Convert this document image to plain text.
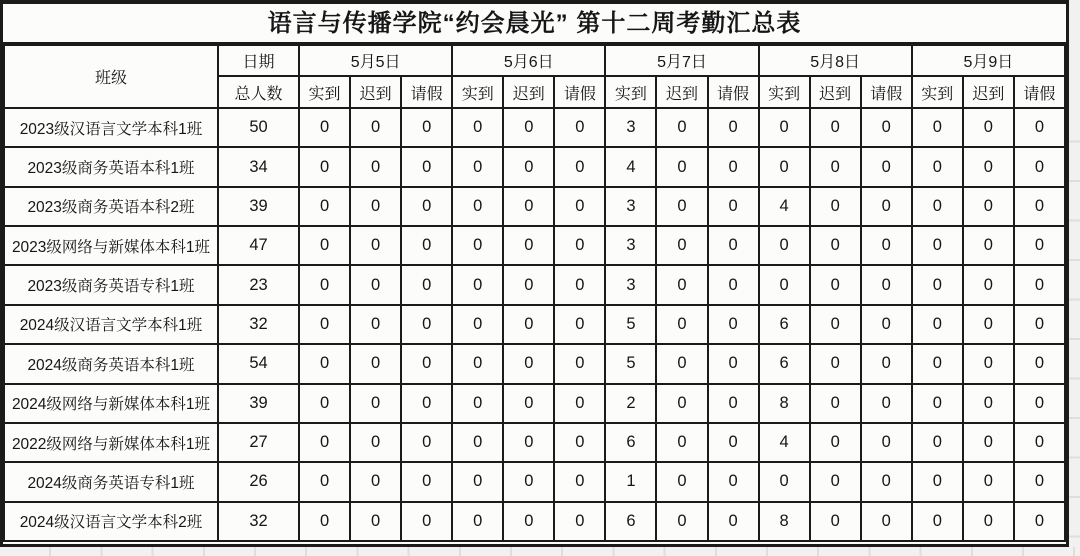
语言与传播学院“约会晨光” 第十二周考勤汇总表
班级	日期	5月5日			5月6日			5月7日			5月8日			5月9日		
	总人数	实到	迟到	请假	实到	迟到	请假	实到	迟到	请假	实到	迟到	请假	实到	迟到	请假
2023级汉语言文学本科1班	50	0	0	0	0	0	0	3	0	0	0	0	0	0	0	0
2023级商务英语本科1班	34	0	0	0	0	0	0	4	0	0	0	0	0	0	0	0
2023级商务英语本科2班	39	0	0	0	0	0	0	3	0	0	4	0	0	0	0	0
2023级网络与新媒体本科1班	47	0	0	0	0	0	0	3	0	0	0	0	0	0	0	0
2023级商务英语专科1班	23	0	0	0	0	0	0	3	0	0	0	0	0	0	0	0
2024级汉语言文学本科1班	32	0	0	0	0	0	0	5	0	0	6	0	0	0	0	0
2024级商务英语本科1班	54	0	0	0	0	0	0	5	0	0	6	0	0	0	0	0
2024级网络与新媒体本科1班	39	0	0	0	0	0	0	2	0	0	8	0	0	0	0	0
2022级网络与新媒体本科1班	27	0	0	0	0	0	0	6	0	0	4	0	0	0	0	0
2024级商务英语专科1班	26	0	0	0	0	0	0	1	0	0	0	0	0	0	0	0
2024级汉语言文学本科2班	32	0	0	0	0	0	0	6	0	0	8	0	0	0	0	0
